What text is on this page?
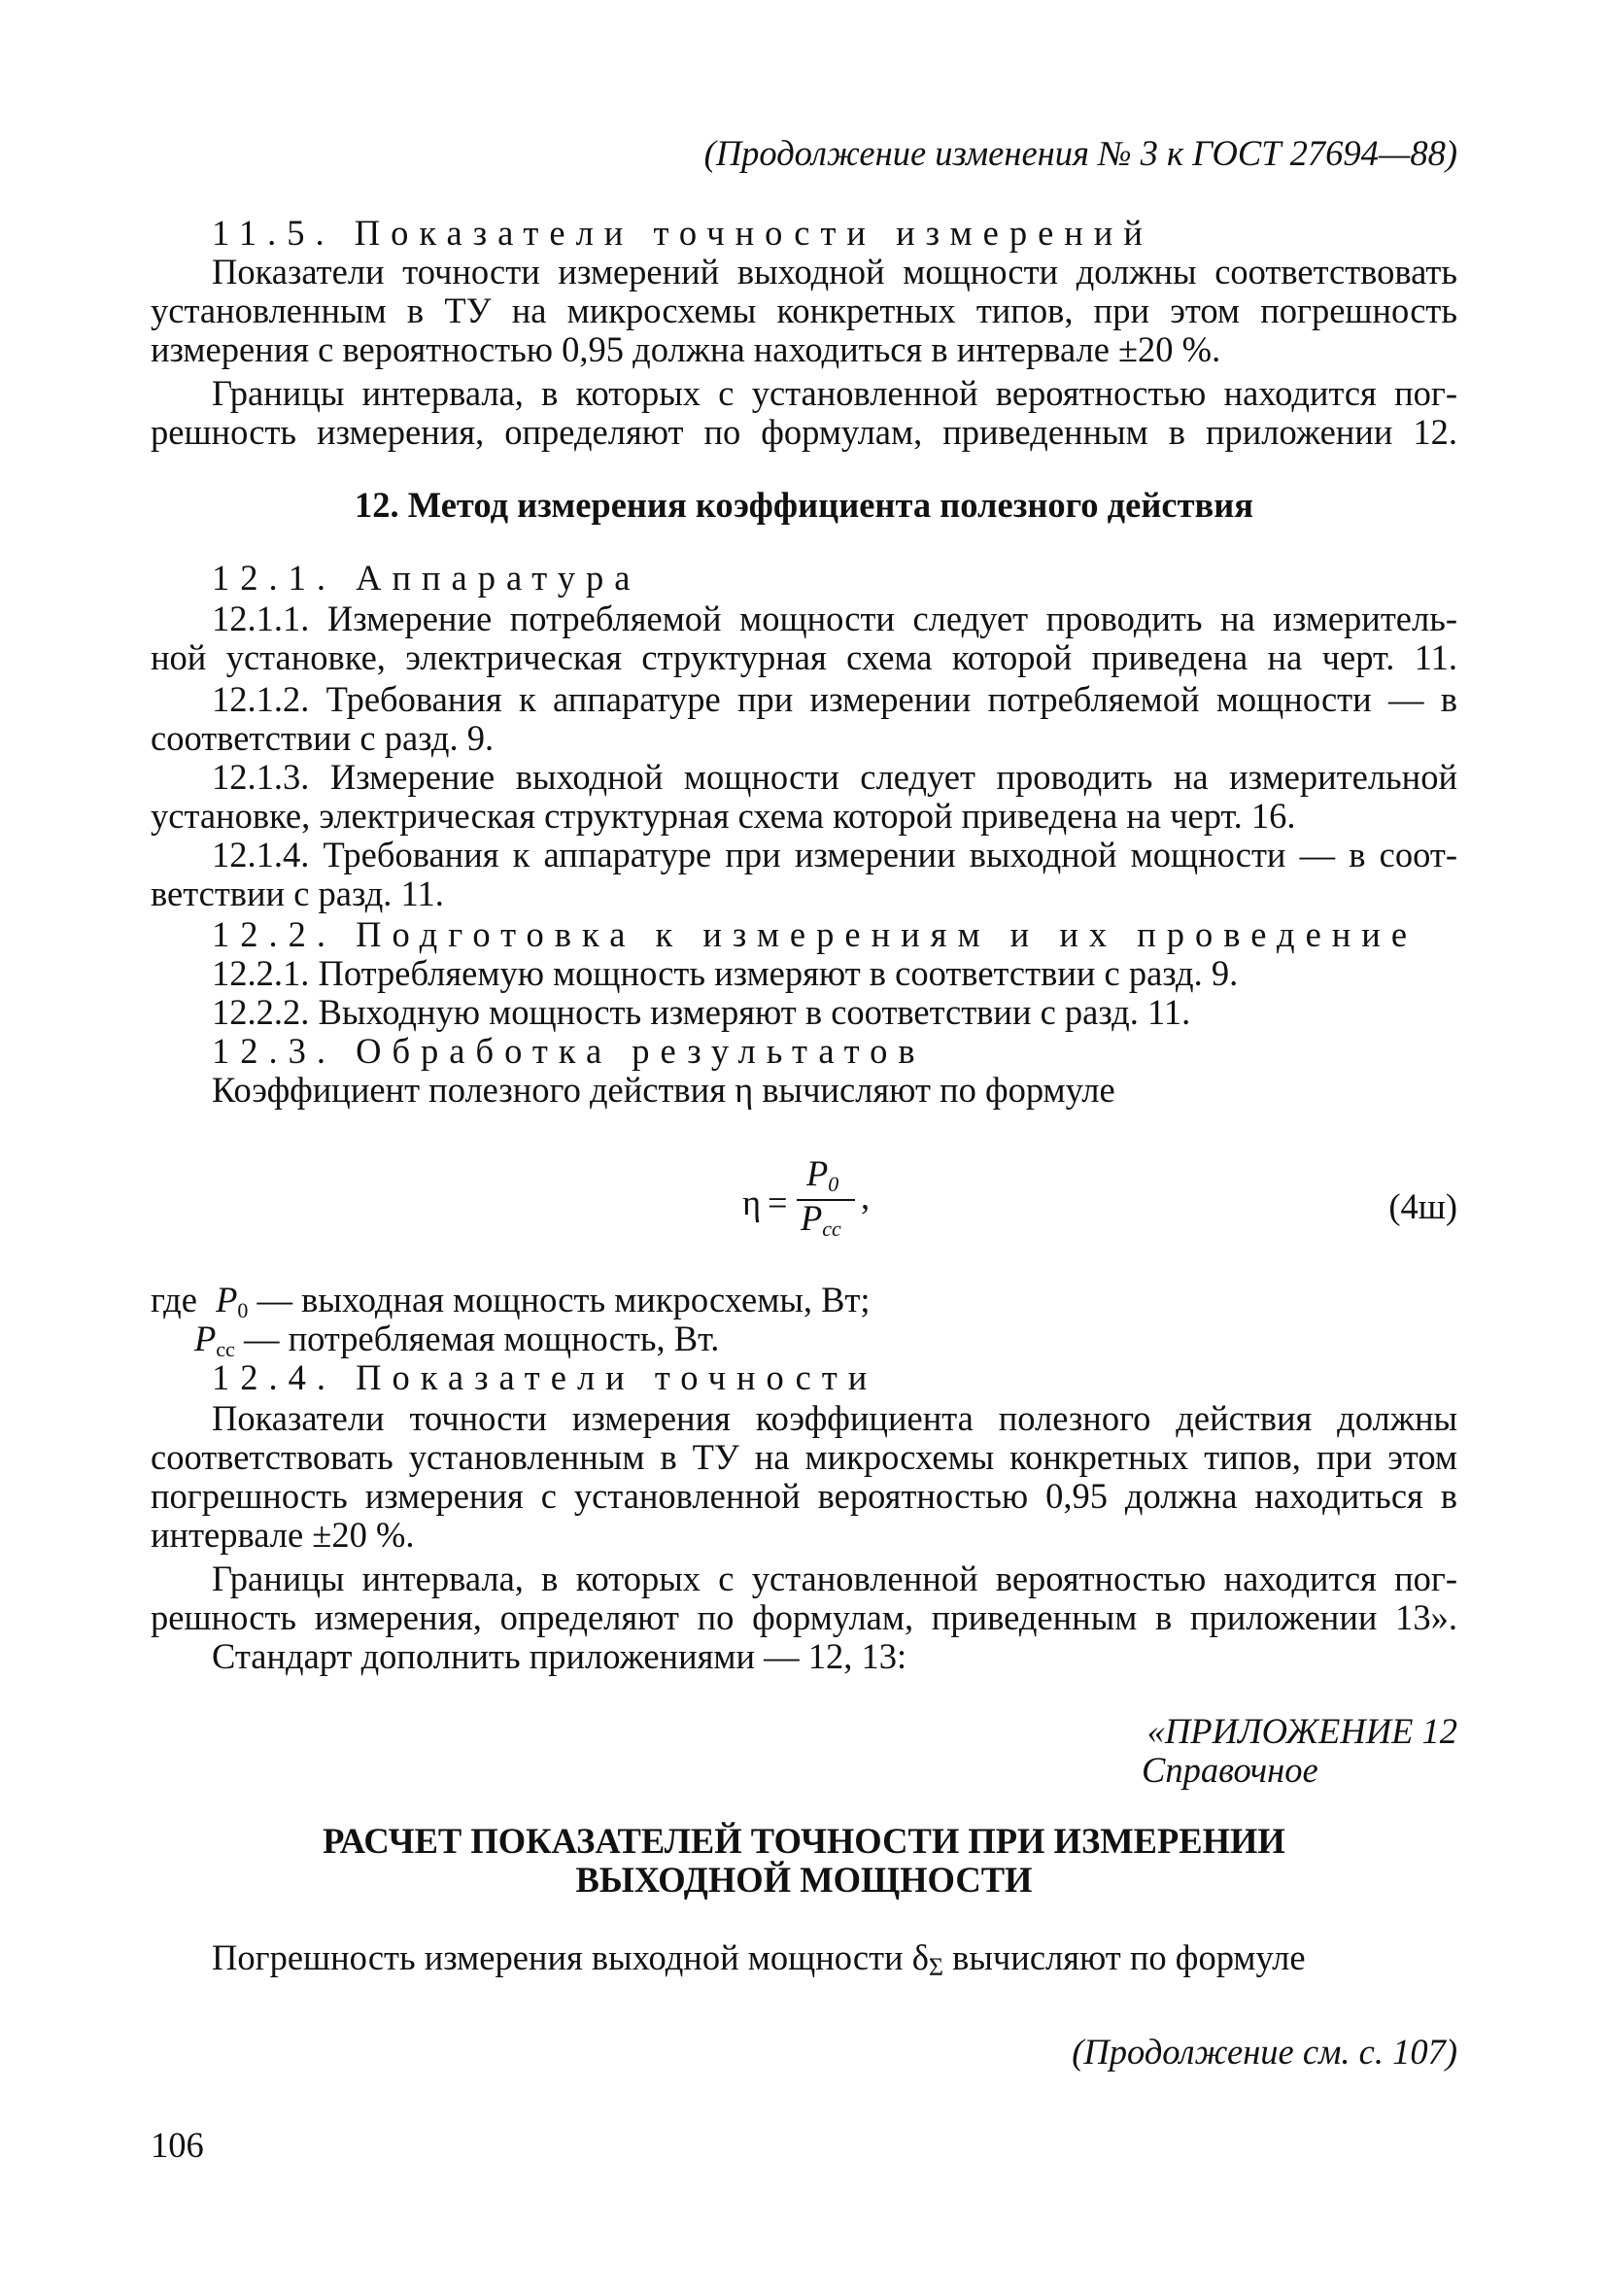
(Продолжение изменения № 3 к ГОСТ 27694—88)
11.5. Показатели точности измерений
Показатели точности измерений выходной мощности должны соответствовать
установленным в ТУ на микросхемы конкретных типов, при этом погрешность
измерения с вероятностью 0,95 должна находиться в интервале ±20 %.
Границы интервала, в которых с установленной вероятностью находится пог-
решность измерения, определяют по формулам, приведенным в приложении 12.
12. Метод измерения коэффициента полезного действия
12.1. Аппаратура
12.1.1. Измерение потребляемой мощности следует проводить на измеритель-
ной установке, электрическая структурная схема которой приведена на черт. 11.
12.1.2. Требования к аппаратуре при измерении потребляемой мощности — в
соответствии с разд. 9.
12.1.3. Измерение выходной мощности следует проводить на измерительной
установке, электрическая структурная схема которой приведена на черт. 16.
12.1.4. Требования к аппаратуре при измерении выходной мощности — в соот-
ветствии с разд. 11.
12.2. Подготовка к измерениям и их проведение
12.2.1. Потребляемую мощность измеряют в соответствии с разд. 9.
12.2.2. Выходную мощность измеряют в соответствии с разд. 11.
12.3. Обработка результатов
Коэффициент полезного действия η вычисляют по формуле
η =
$P_0$
$P_{сс}$
,	(4ш)
где $P_0$ — выходная мощность микросхемы, Вт;
$P_{сс}$ — потребляемая мощность, Вт.
12.4. Показатели точности
Показатели точности измерения коэффициента полезного действия должны
соответствовать установленным в ТУ на микросхемы конкретных типов, при этом
погрешность измерения с установленной вероятностью 0,95 должна находиться в
интервале ±20 %.
Границы интервала, в которых с установленной вероятностью находится пог-
решность измерения, определяют по формулам, приведенным в приложении 13».
Стандарт дополнить приложениями — 12, 13:
«ПРИЛОЖЕНИЕ 12
Справочное
РАСЧЕТ ПОКАЗАТЕЛЕЙ ТОЧНОСТИ ПРИ ИЗМЕРЕНИИ
ВЫХОДНОЙ МОЩНОСТИ
Погрешность измерения выходной мощности $\delta_\Sigma$ вычисляют по формуле
(Продолжение см. с. 107)
106
